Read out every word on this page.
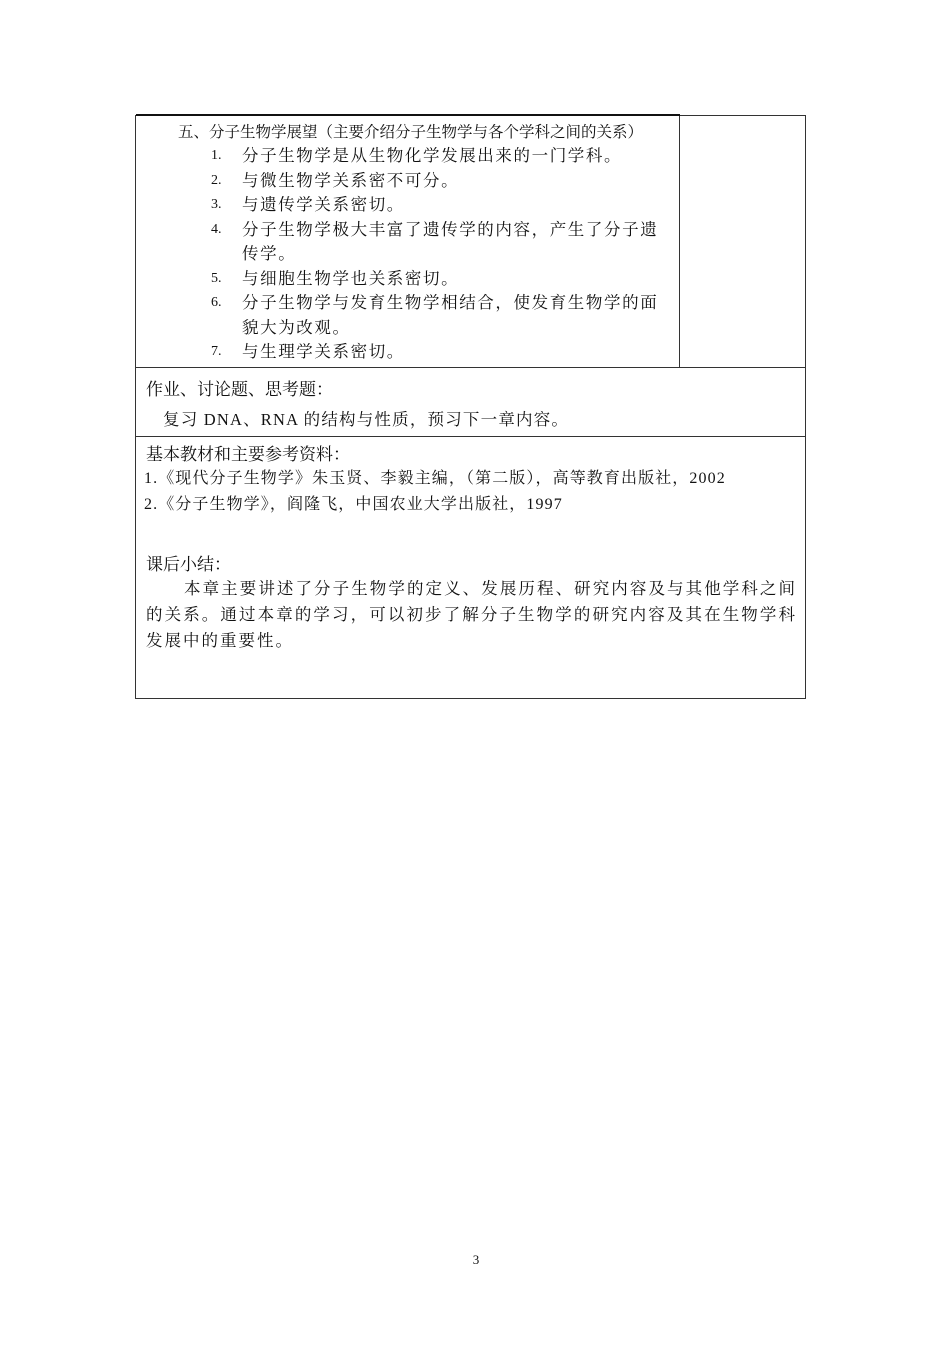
五、分子生物学展望（主要介绍分子生物学与各个学科之间的关系）
1. 分子生物学是从生物化学发展出来的一门学科。
2. 与微生物学关系密不可分。
3. 与遗传学关系密切。
4. 分子生物学极大丰富了遗传学的内容，产生了分子遗传学。
5. 与细胞生物学也关系密切。
6. 分子生物学与发育生物学相结合，使发育生物学的面貌大为改观。
7. 与生理学关系密切。
作业、讨论题、思考题：
复习 DNA、RNA 的结构与性质，预习下一章内容。
基本教材和主要参考资料：
1.《现代分子生物学》朱玉贤、李毅主编，（第二版），高等教育出版社，2002
2.《分子生物学》，阎隆飞，中国农业大学出版社，1997
课后小结：
本章主要讲述了分子生物学的定义、发展历程、研究内容及与其他学科之间的关系。通过本章的学习，可以初步了解分子生物学的研究内容及其在生物学科发展中的重要性。
3
